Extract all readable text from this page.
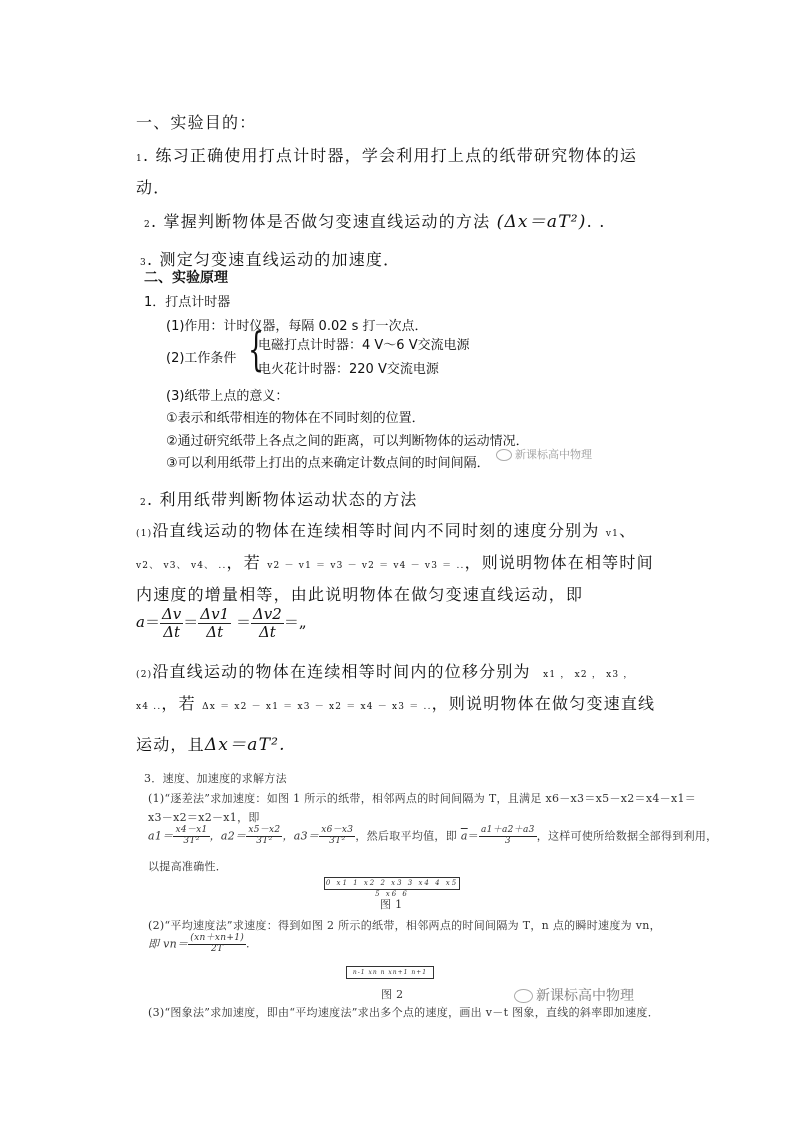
一、实验目的：
1. 练习正确使用打点计时器，学会利用打上点的纸带研究物体的运
动．
2. 掌握判断物体是否做匀变速直线运动的方法 (Δx＝aT²). .
3. 测定匀变速直线运动的加速度．
二、实验原理
1．打点计时器
(1)作用：计时仪器，每隔 0.02 s 打一次点．
(2)工作条件 {
电磁打点计时器：4 V～6 V交流电源
电火花计时器：220 V交流电源
(3)纸带上点的意义：
①表示和纸带相连的物体在不同时刻的位置．
②通过研究纸带上各点之间的距离，可以判断物体的运动情况．
③可以利用纸带上打出的点来确定计数点间的时间间隔．
2. 利用纸带判断物体运动状态的方法
(1)沿直线运动的物体在连续相等时间内不同时刻的速度分别为 v1、
v2、 v3、 v4、 ..，若 v2 － v1 ＝ v3 － v2 ＝ v4 － v3 ＝ ..，则说明物体在相等时间
内速度的增量相等，由此说明物体在做匀变速直线运动，即
$a= \frac{\Delta v}{\Delta t} = \frac{\Delta v1}{\Delta t} = \frac{\Delta v2}{\Delta t}$ ＝„
(2)沿直线运动的物体在连续相等时间内的位移分别为 x1 ， x2 ， x3 ，
x4 ..，若 Δx ＝ x2 － x1 ＝ x3 － x2 ＝ x4 － x3 ＝ ..，则说明物体在做匀变速直线
运动，且Δx＝aT².
新课标高中物理
3．速度、加速度的求解方法
(1)“逐差法”求加速度：如图 1 所示的纸带，相邻两点的时间间隔为 T，且满足 x6－x3＝x5－x2＝x4－x1＝
x3－x2＝x2－x1，即
$a1= \frac{x4-x1}{\text{3T²}}$ ，$a2= \frac{x5-x2}{\text{3T²}}$ ，$a3= \frac{x6-x3}{\text{3T²}}$ ，然后取平均值，即 $\overline{a}= \frac{a1+a2+a3}{3}$ ，这样可使所给数据全部得到利用，
以提高准确性．
0 x1 1 x2 2 x3 3 x4 4 x5 5 x6 6
图 1
(2)“平均速度法”求速度：得到如图 2 所示的纸带，相邻两点的时间间隔为 T，n 点的瞬时速度为 vn，
即 $vn= \frac{(xn+xn+1)}{2T}$ .
n-1 xn n xn+1 n+1
图 2	新课标高中物理
(3)“图象法”求加速度，即由“平均速度法”求出多个点的速度，画出 v－t 图象，直线的斜率即加速度．
